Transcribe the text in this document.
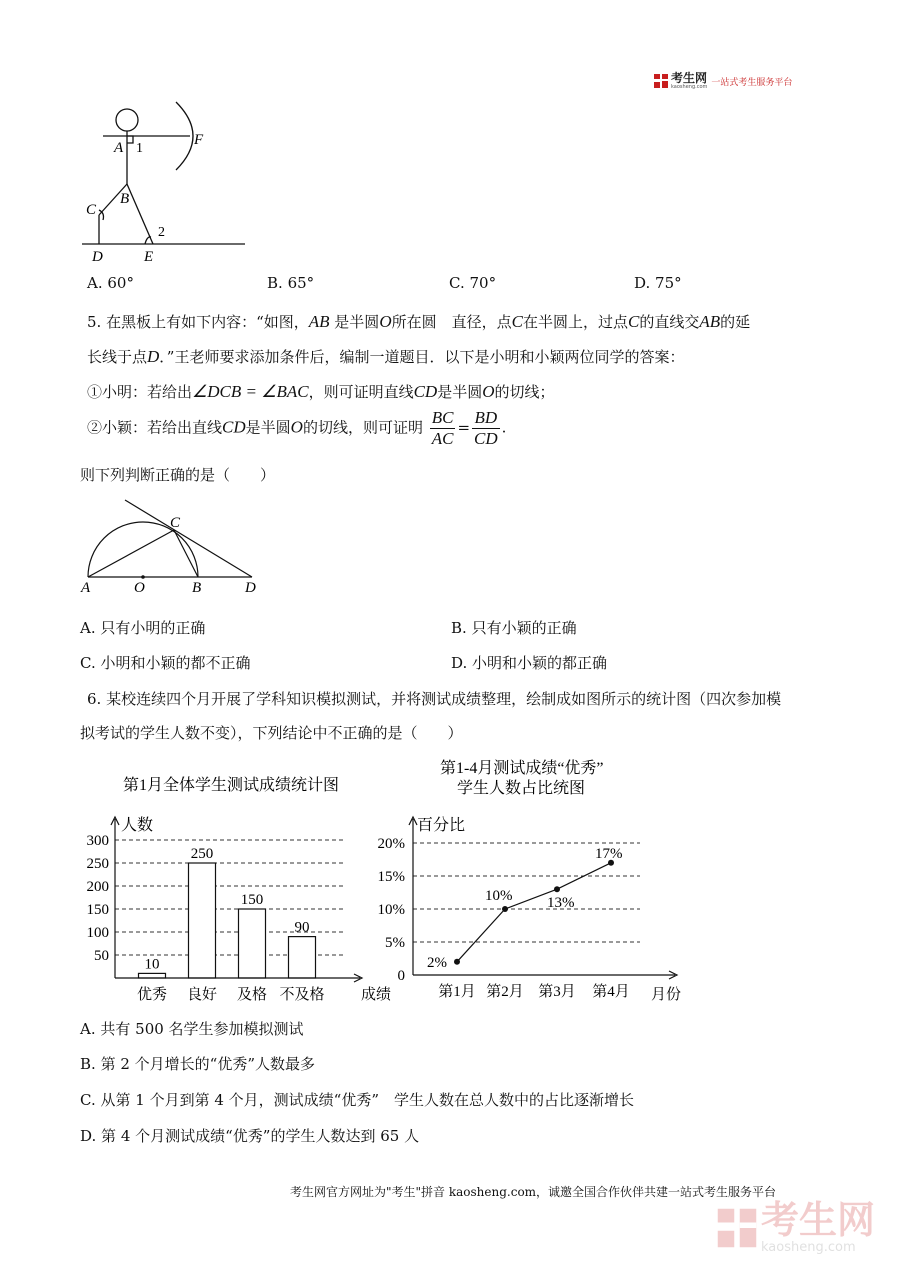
考生网
kaosheng.com 一站式考生服务平台
A 1
F
B
C
2
D	E
A. 60°	B. 65°	C. 70°	D. 75°
5. 在黑板上有如下内容：“如图，AB 是半圆O所在圆　直径，点C在半圆上，过点C的直线交AB的延
长线于点D．”王老师要求添加条件后，编制一道题目．以下是小明和小颖两位同学的答案：
①小明：若给出∠DCB = ∠BAC，则可证明直线CD是半圆O的切线；
②小颖：若给出直线CD是半圆O的切线，则可证明 $\frac{BC}{AC} = \frac{BD}{CD}$ .
则下列判断正确的是（　　）
A	O	B	D
C
A. 只有小明的正确	B. 只有小颖的正确
C. 小明和小颖的都不正确	D. 小明和小颖的都正确
6. 某校连续四个月开展了学科知识模拟测试，并将测试成绩整理，绘制成如图所示的统计图（四次参加模
拟考试的学生人数不变），下列结论中不正确的是（　　）
第1月全体学生测试成绩统计图
人数
成绩
50
100
150
200
250
300
10
优秀
250
良好
150
及格
90
不及格
第1-4月测试成绩“优秀”
学生人数占比统图
百分比
月份
0
5%
10%
15%
20%
2%
第1月
10%
第2月
13%
第3月
17%
第4月
A. 共有 500 名学生参加模拟测试
B. 第 2 个月增长的“优秀”人数最多
C. 从第 1 个月到第 4 个月，测试成绩“优秀”　学生人数在总人数中的占比逐渐增长
D. 第 4 个月测试成绩“优秀”的学生人数达到 65 人
考生网官方网址为"考生"拼音 kaosheng.com，诚邀全国合作伙伴共建一站式考生服务平台
考生网
kaosheng.com
